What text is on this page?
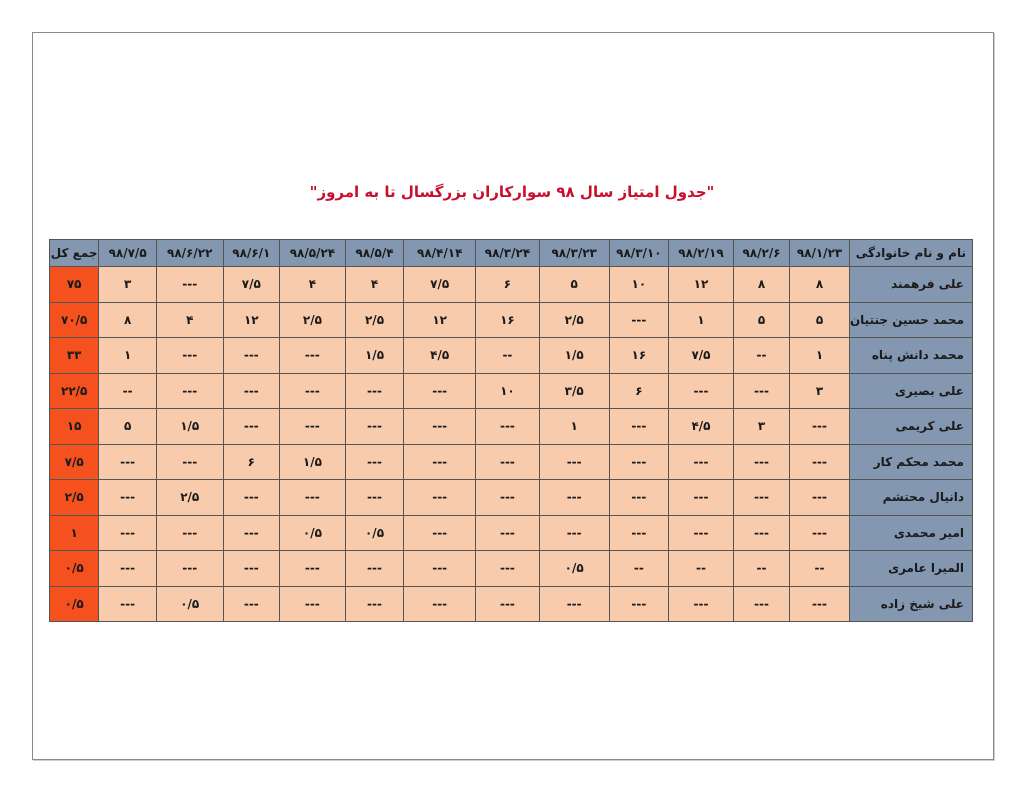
"جدول امتیاز سال ۹۸ سوارکاران بزرگسال تا به امروز"
نام و نام خانوادگی	۹۸/۱/۲۳	۹۸/۲/۶	۹۸/۲/۱۹	۹۸/۳/۱۰	۹۸/۳/۲۳	۹۸/۳/۲۴	۹۸/۴/۱۴	۹۸/۵/۴	۹۸/۵/۲۴	۹۸/۶/۱	۹۸/۶/۲۲	۹۸/۷/۵	جمع کل
علی فرهمند	۸	۸	۱۲	۱۰	۵	۶	۷/۵	۴	۴	۷/۵	---	۳	۷۵
محمد حسین جنتیان	۵	۵	۱	---	۲/۵	۱۶	۱۲	۲/۵	۲/۵	۱۲	۴	۸	۷۰/۵
محمد دانش پناه	۱	--	۷/۵	۱۶	۱/۵	--	۴/۵	۱/۵	---	---	---	۱	۳۳
علی بصیری	۳	---	---	۶	۳/۵	۱۰	---	---	---	---	---	--	۲۲/۵
علی کریمی	---	۳	۴/۵	---	۱	---	---	---	---	---	۱/۵	۵	۱۵
محمد محکم کار	---	---	---	---	---	---	---	---	۱/۵	۶	---	---	۷/۵
دانیال محتشم	---	---	---	---	---	---	---	---	---	---	۲/۵	---	۲/۵
امیر محمدی	---	---	---	---	---	---	---	۰/۵	۰/۵	---	---	---	۱
المیرا عامری	--	--	--	--	۰/۵	---	---	---	---	---	---	---	۰/۵
علی شیخ زاده	---	---	---	---	---	---	---	---	---	---	۰/۵	---	۰/۵
